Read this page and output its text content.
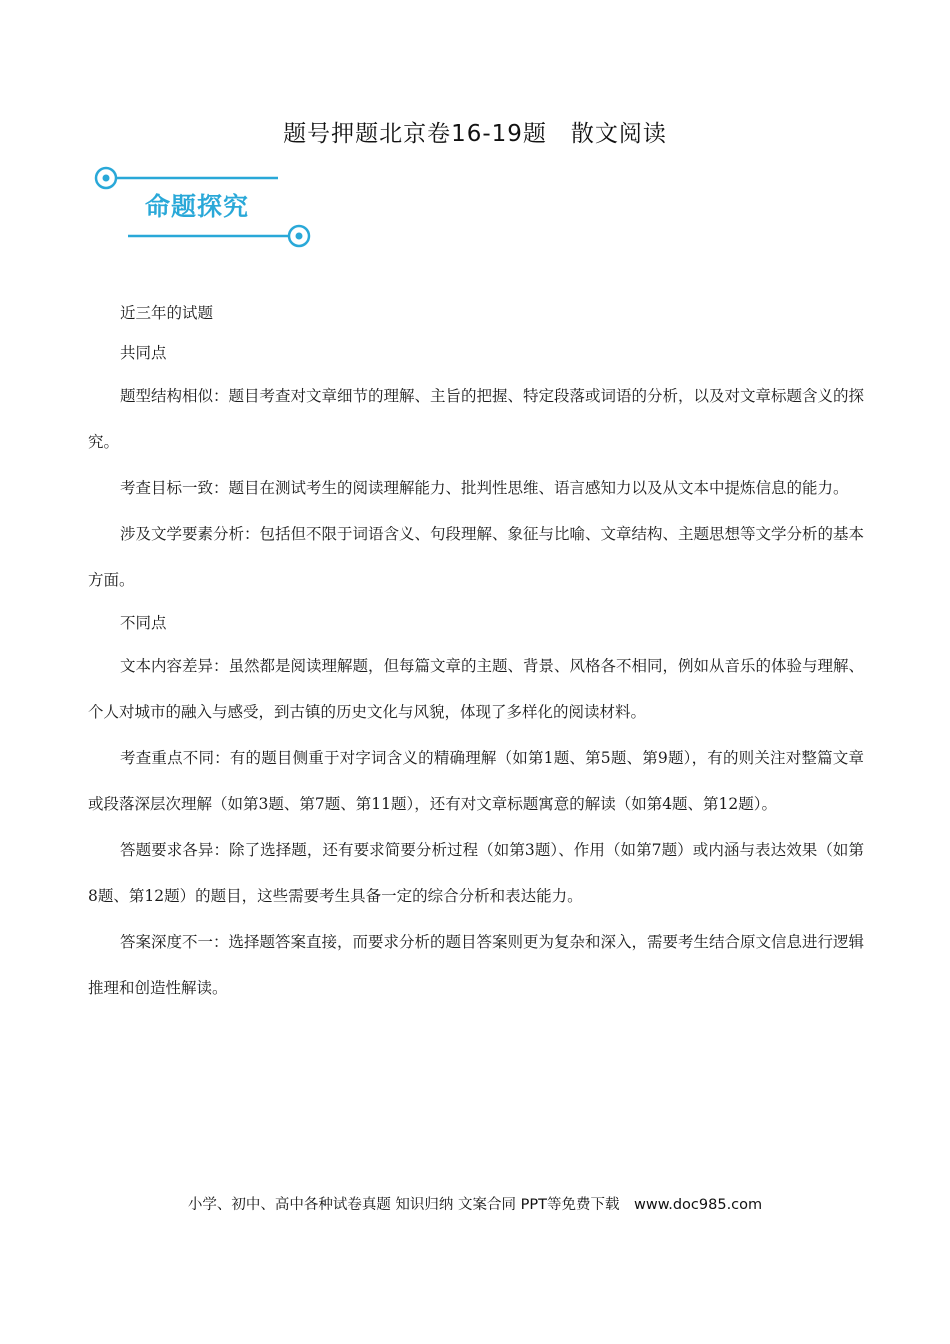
题号押题北京卷16-19题　散文阅读
命题探究

近三年的试题

共同点

题型结构相似：题目考查对文章细节的理解、主旨的把握、特定段落或词语的分析，以及对文章标题含义的探究。

考查目标一致：题目在测试考生的阅读理解能力、批判性思维、语言感知力以及从文本中提炼信息的能力。

涉及文学要素分析：包括但不限于词语含义、句段理解、象征与比喻、文章结构、主题思想等文学分析的基本方面。

不同点

文本内容差异：虽然都是阅读理解题，但每篇文章的主题、背景、风格各不相同，例如从音乐的体验与理解、个人对城市的融入与感受，到古镇的历史文化与风貌，体现了多样化的阅读材料。

考查重点不同：有的题目侧重于对字词含义的精确理解（如第1题、第5题、第9题），有的则关注对整篇文章或段落深层次理解（如第3题、第7题、第11题），还有对文章标题寓意的解读（如第4题、第12题）。

答题要求各异：除了选择题，还有要求简要分析过程（如第3题）、作用（如第7题）或内涵与表达效果（如第8题、第12题）的题目，这些需要考生具备一定的综合分析和表达能力。

答案深度不一：选择题答案直接，而要求分析的题目答案则更为复杂和深入，需要考生结合原文信息进行逻辑推理和创造性解读。

小学、初中、高中各种试卷真题 知识归纳 文案合同 PPT等免费下载　www.doc985.com
